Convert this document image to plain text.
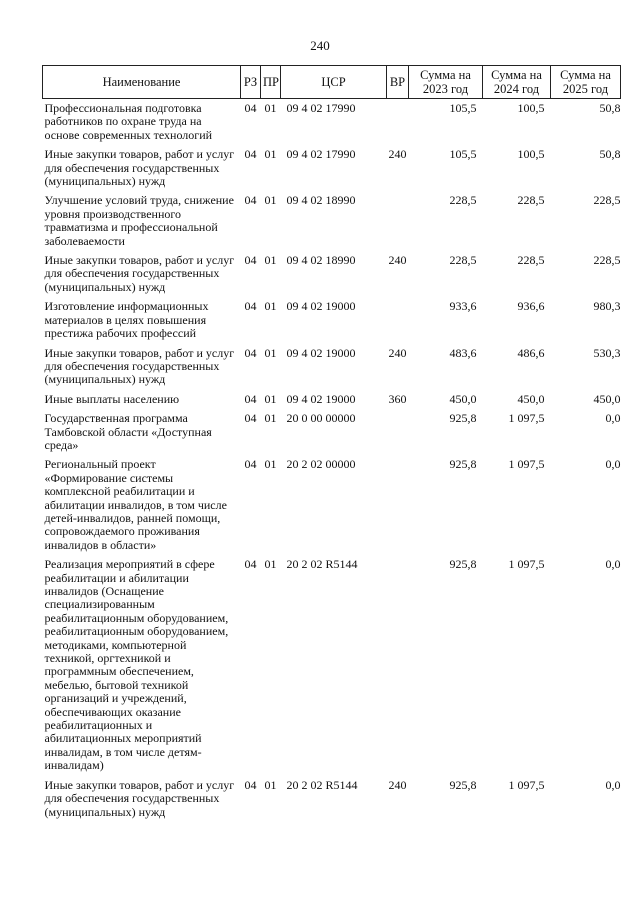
240
Наименование	РЗ	ПР	ЦСР	ВР	Сумма на 2023 год	Сумма на 2024 год	Сумма на 2025 год
Профессиональная подготовка работников по охране труда на основе современных технологий	04	01	09 4 02 17990		105,5	100,5	50,8
Иные закупки товаров, работ и услуг для обеспечения государственных (муниципальных) нужд	04	01	09 4 02 17990	240	105,5	100,5	50,8
Улучшение условий труда, снижение уровня производственного травматизма и профессиональной заболеваемости	04	01	09 4 02 18990		228,5	228,5	228,5
Иные закупки товаров, работ и услуг для обеспечения государственных (муниципальных) нужд	04	01	09 4 02 18990	240	228,5	228,5	228,5
Изготовление информационных материалов в целях повышения престижа рабочих профессий	04	01	09 4 02 19000		933,6	936,6	980,3
Иные закупки товаров, работ и услуг для обеспечения государственных (муниципальных) нужд	04	01	09 4 02 19000	240	483,6	486,6	530,3
Иные выплаты населению	04	01	09 4 02 19000	360	450,0	450,0	450,0
Государственная программа Тамбовской области «Доступная среда»	04	01	20 0 00 00000		925,8	1 097,5	0,0
Региональный проект «Формирование системы комплексной реабилитации и абилитации инвалидов, в том числе детей-инвалидов, ранней помощи, сопровождаемого проживания инвалидов в области»	04	01	20 2 02 00000		925,8	1 097,5	0,0
Реализация мероприятий в сфере реабилитации и абилитации инвалидов (Оснащение специализированным реабилитационным оборудованием, реабилитационным оборудованием, методиками, компьютерной техникой, оргтехникой и программным обеспечением, мебелью, бытовой техникой организаций и учреждений, обеспечивающих оказание реабилитационных и абилитационных мероприятий инвалидам, в том числе детям-инвалидам)	04	01	20 2 02 R5144		925,8	1 097,5	0,0
Иные закупки товаров, работ и услуг для обеспечения государственных (муниципальных) нужд	04	01	20 2 02 R5144	240	925,8	1 097,5	0,0
